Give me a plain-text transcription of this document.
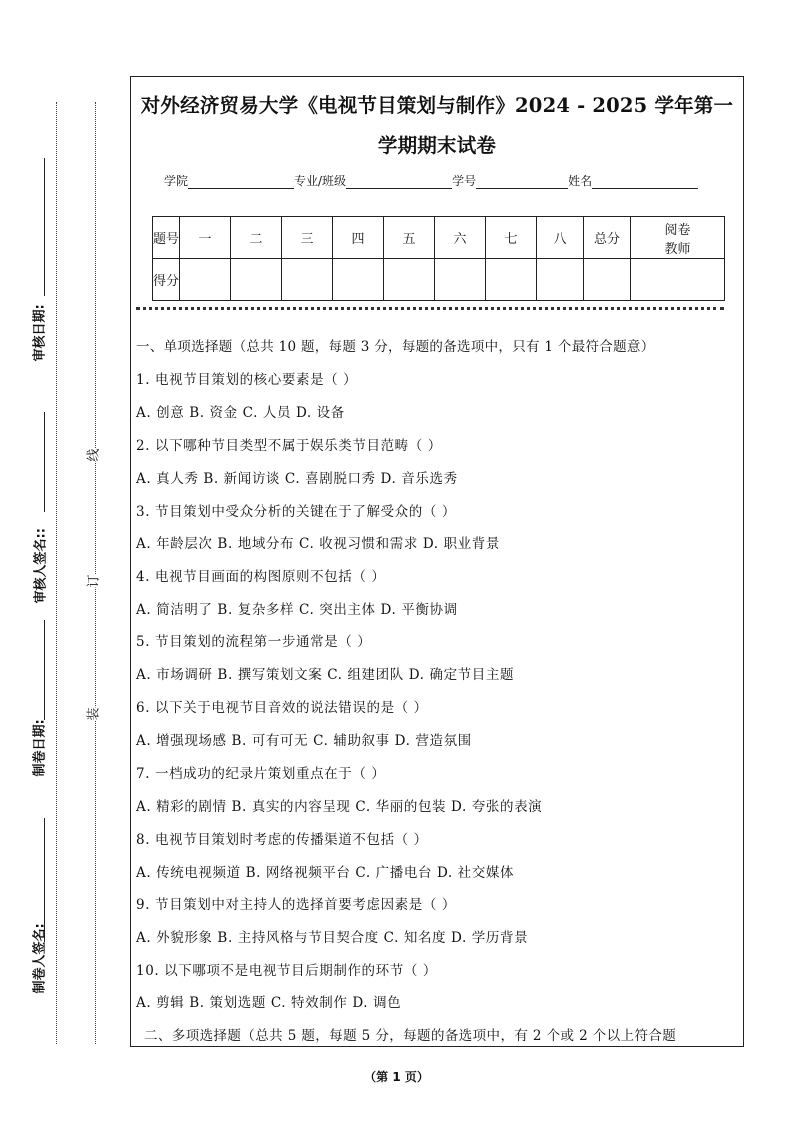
审核日期:
审核人签名::
制卷日期:
制卷人签名:
线
订
装
对外经济贸易大学《电视节目策划与制作》2024 - 2025 学年第一
学期期末试卷
学院	专业/班级	学号	姓名
题号	一	二	三	四	五	六	七	八	总分	阅卷教师
得分										
一、单项选择题（总共 10 题，每题 3 分，每题的备选项中，只有 1 个最符合题意）
1. 电视节目策划的核心要素是（ ）
A. 创意 B. 资金 C. 人员 D. 设备
2. 以下哪种节目类型不属于娱乐类节目范畴（ ）
A. 真人秀 B. 新闻访谈 C. 喜剧脱口秀 D. 音乐选秀
3. 节目策划中受众分析的关键在于了解受众的（ ）
A. 年龄层次 B. 地域分布 C. 收视习惯和需求 D. 职业背景
4. 电视节目画面的构图原则不包括（ ）
A. 简洁明了 B. 复杂多样 C. 突出主体 D. 平衡协调
5. 节目策划的流程第一步通常是（ ）
A. 市场调研 B. 撰写策划文案 C. 组建团队 D. 确定节目主题
6. 以下关于电视节目音效的说法错误的是（ ）
A. 增强现场感 B. 可有可无 C. 辅助叙事 D. 营造氛围
7. 一档成功的纪录片策划重点在于（ ）
A. 精彩的剧情 B. 真实的内容呈现 C. 华丽的包装 D. 夸张的表演
8. 电视节目策划时考虑的传播渠道不包括（ ）
A. 传统电视频道 B. 网络视频平台 C. 广播电台 D. 社交媒体
9. 节目策划中对主持人的选择首要考虑因素是（ ）
A. 外貌形象 B. 主持风格与节目契合度 C. 知名度 D. 学历背景
10. 以下哪项不是电视节目后期制作的环节（ ）
A. 剪辑 B. 策划选题 C. 特效制作 D. 调色
二、多项选择题（总共 5 题，每题 5 分，每题的备选项中，有 2 个或 2 个以上符合题
（第 1 页）
